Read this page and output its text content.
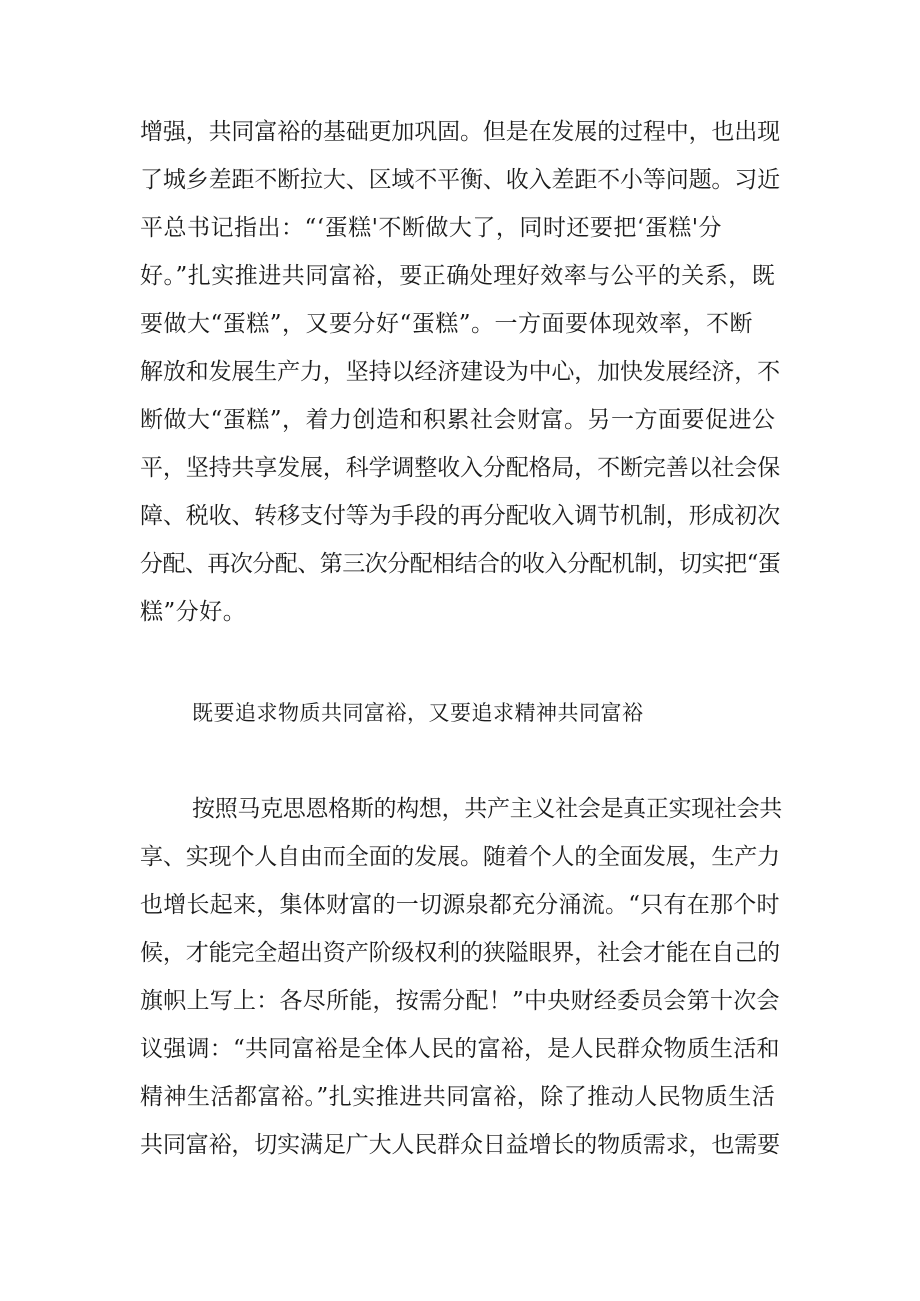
增强，共同富裕的基础更加巩固。但是在发展的过程中，也出现
了城乡差距不断拉大、区域不平衡、收入差距不小等问题。习近
平总书记指出：“‘蛋糕'不断做大了，同时还要把‘蛋糕'分
好。”扎实推进共同富裕，要正确处理好效率与公平的关系，既
要做大“蛋糕”，又要分好“蛋糕”。一方面要体现效率，不断
解放和发展生产力，坚持以经济建设为中心，加快发展经济，不
断做大“蛋糕”，着力创造和积累社会财富。另一方面要促进公
平，坚持共享发展，科学调整收入分配格局，不断完善以社会保
障、税收、转移支付等为手段的再分配收入调节机制，形成初次
分配、再次分配、第三次分配相结合的收入分配机制，切实把“蛋
糕”分好。
既要追求物质共同富裕，又要追求精神共同富裕
按照马克思恩格斯的构想，共产主义社会是真正实现社会共
享、实现个人自由而全面的发展。随着个人的全面发展，生产力
也增长起来，集体财富的一切源泉都充分涌流。“只有在那个时
候，才能完全超出资产阶级权利的狭隘眼界，社会才能在自己的
旗帜上写上：各尽所能，按需分配！”中央财经委员会第十次会
议强调：“共同富裕是全体人民的富裕，是人民群众物质生活和
精神生活都富裕。”扎实推进共同富裕，除了推动人民物质生活
共同富裕，切实满足广大人民群众日益增长的物质需求，也需要
